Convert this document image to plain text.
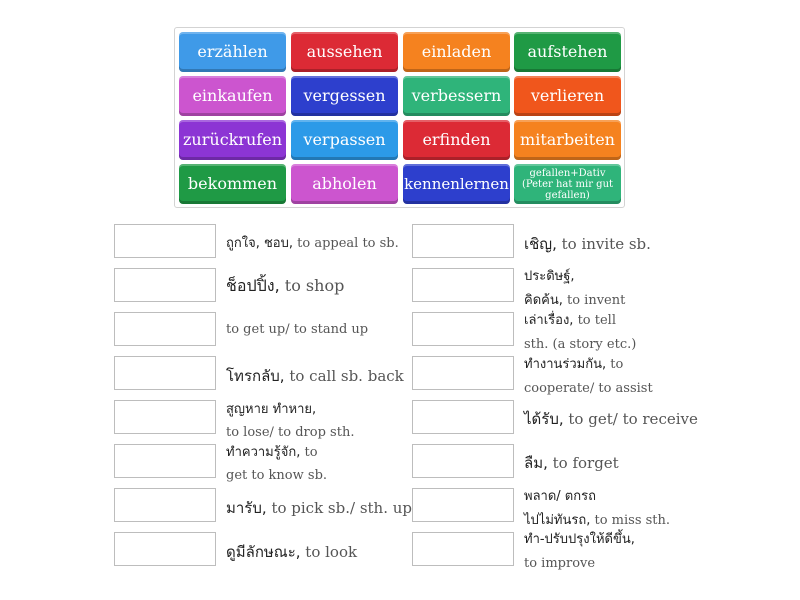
erzählen	aussehen	einladen	aufstehen
einkaufen	vergessen	verbessern	verlieren
zurückrufen	verpassen	erfinden	mitarbeiten
bekommen	abholen	kennenlernen
gefallen+Dativ (Peter hat mir gut gefallen)
ถูกใจ, ชอบ, to appeal to sb.
ช็อปปิ้ง, to shop
to get up/ to stand up
โทรกลับ, to call sb. back
สูญหาย ทำหาย,
to lose/ to drop sth.
ทำความรู้จัก, to
get to know sb.
มารับ, to pick sb./ sth. up
ดูมีลักษณะ, to look
เชิญ, to invite sb.
ประดิษฐ์,
คิดค้น, to invent
เล่าเรื่อง, to tell
sth. (a story etc.)
ทำงานร่วมกัน, to
cooperate/ to assist
ได้รับ, to get/ to receive
ลืม, to forget
พลาด/ ตกรถ
ไปไม่ทันรถ, to miss sth.
ทำ-ปรับปรุงให้ดีขึ้น,
to improve
